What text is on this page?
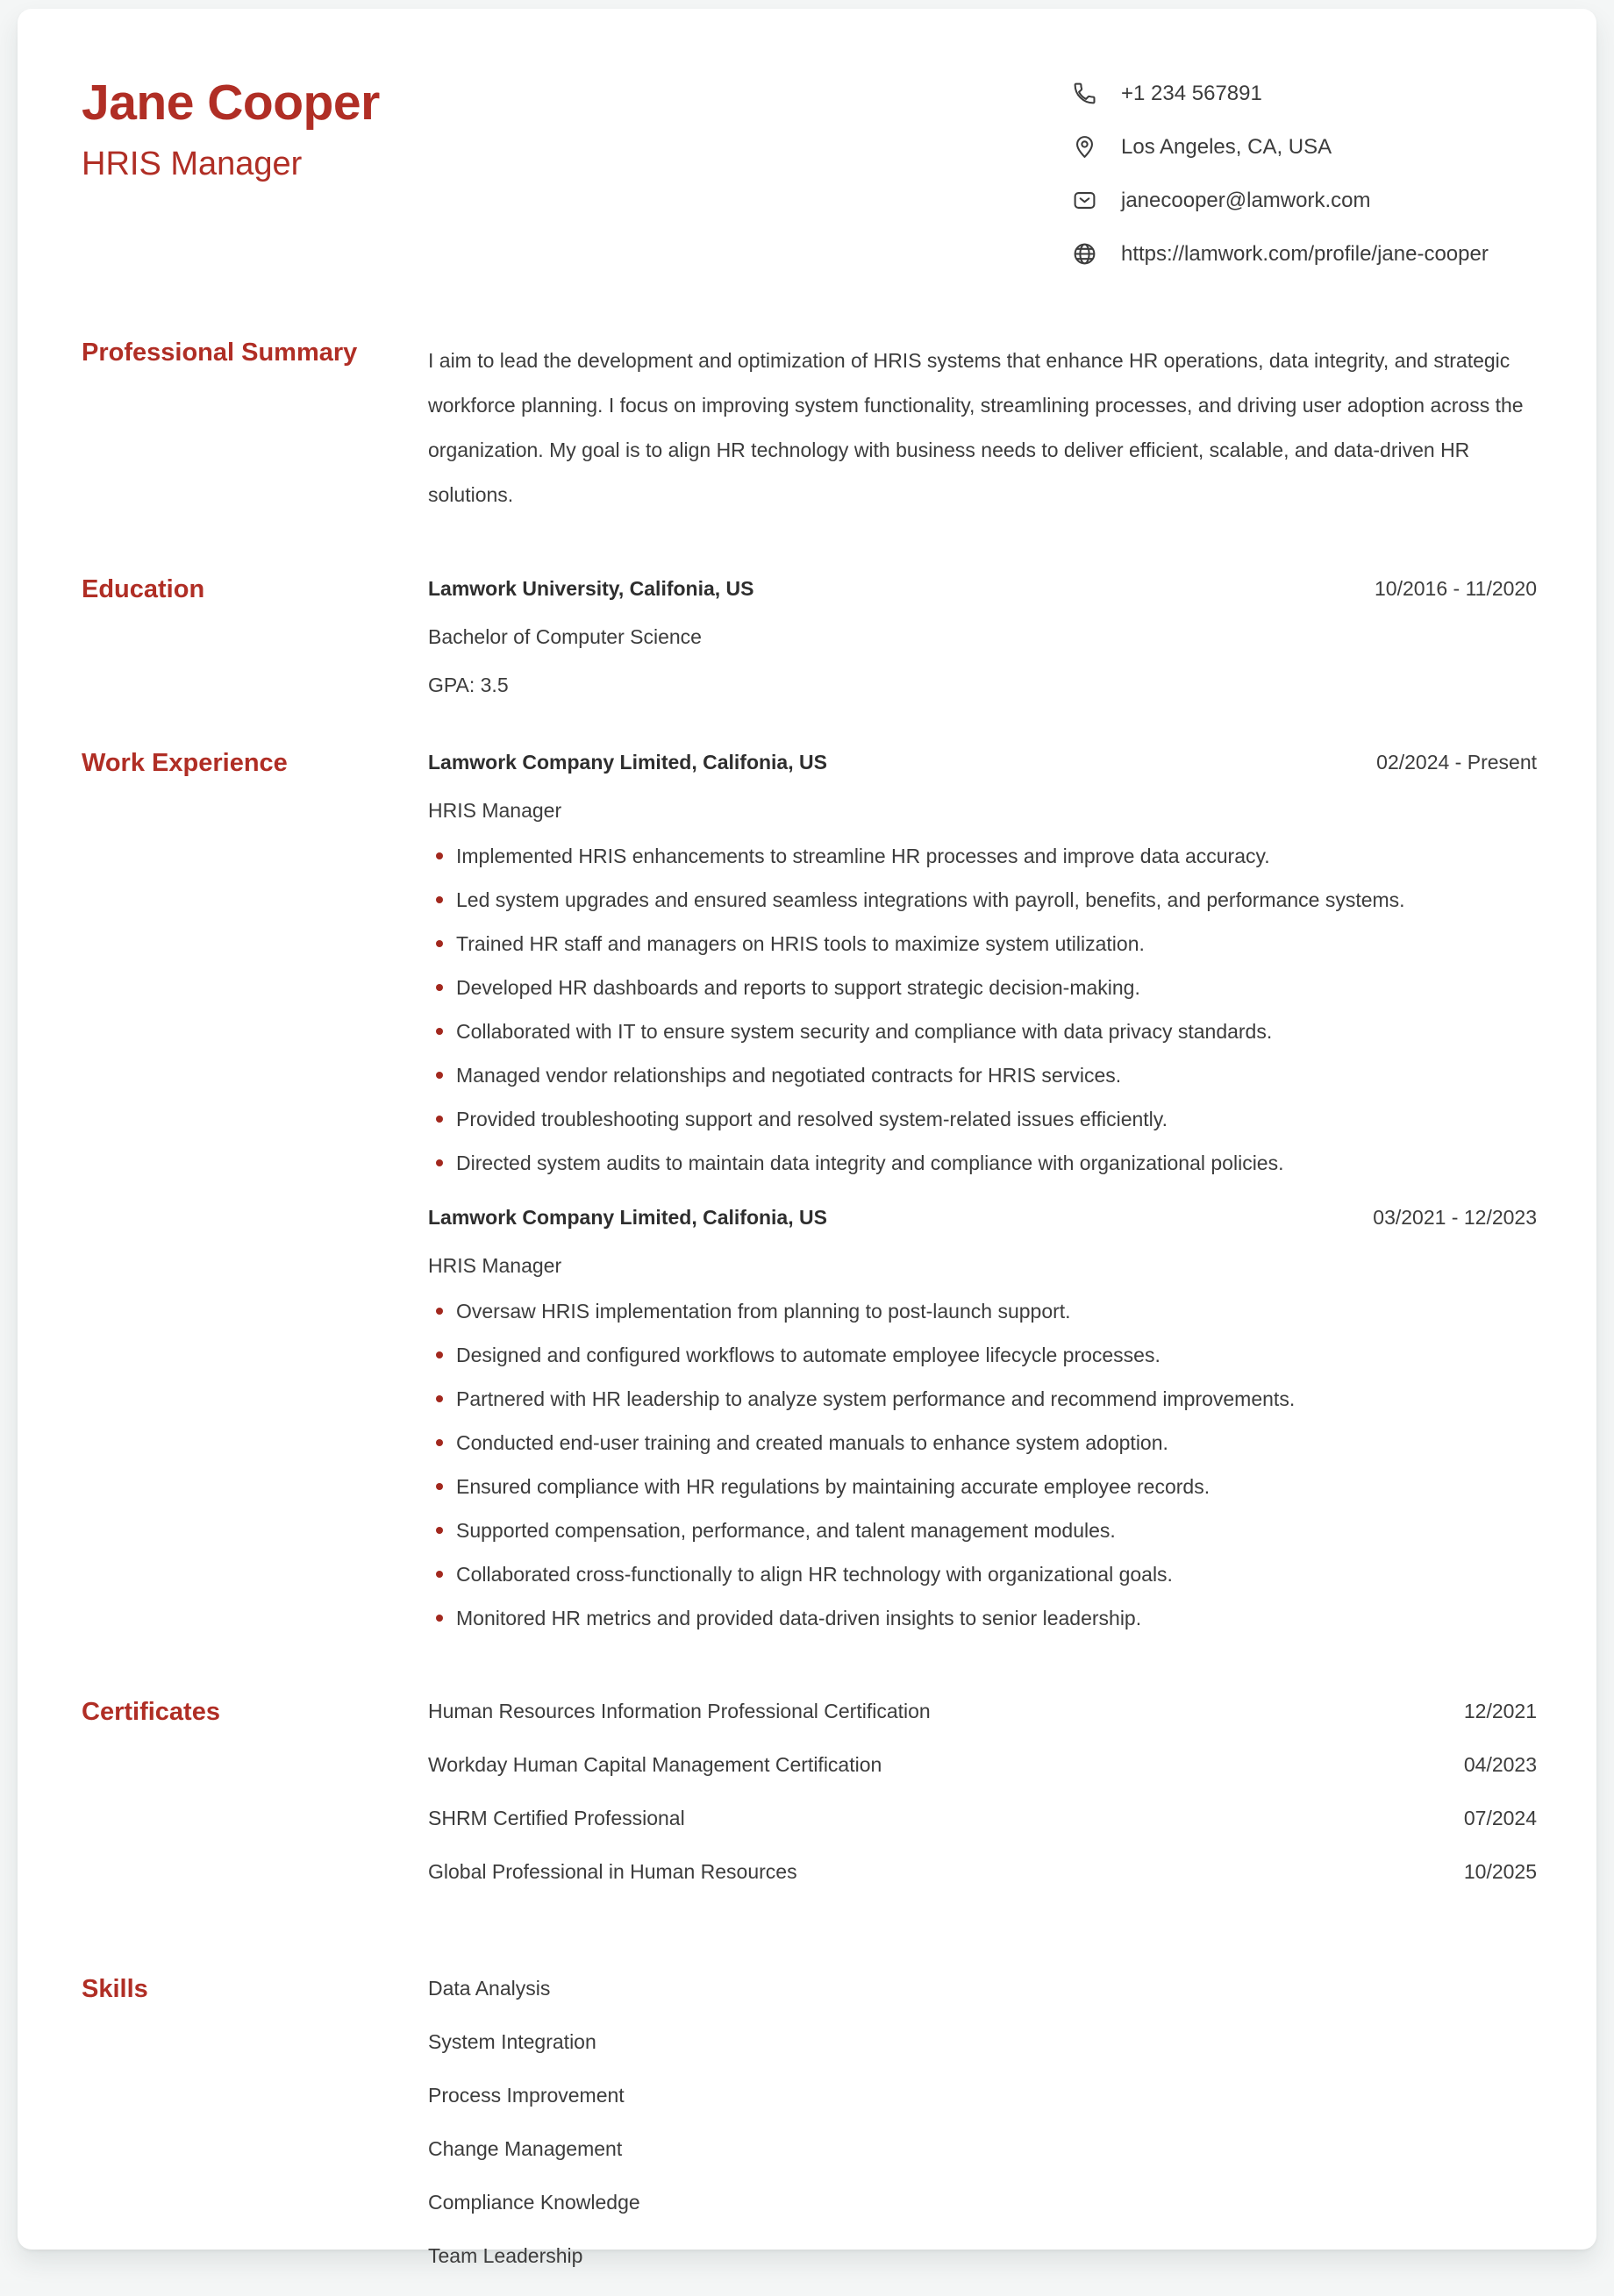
Jane Cooper
HRIS Manager
+1 234 567891
Los Angeles, CA, USA
janecooper@lamwork.com
https://lamwork.com/profile/jane-cooper
Professional Summary	I aim to lead the development and optimization of HRIS systems that enhance HR operations, data integrity, and strategic workforce planning. I focus on improving system functionality, streamlining processes, and driving user adoption across the organization. My goal is to align HR technology with business needs to deliver efficient, scalable, and data-driven HR solutions.

Education	Lamwork University, Califonia, US	10/2016 - 11/2020
Bachelor of Computer Science
GPA: 3.5
Work Experience	Lamwork Company Limited, Califonia, US	02/2024 - Present
HRIS Manager
Implemented HRIS enhancements to streamline HR processes and improve data accuracy.
Led system upgrades and ensured seamless integrations with payroll, benefits, and performance systems.
Trained HR staff and managers on HRIS tools to maximize system utilization.
Developed HR dashboards and reports to support strategic decision-making.
Collaborated with IT to ensure system security and compliance with data privacy standards.
Managed vendor relationships and negotiated contracts for HRIS services.
Provided troubleshooting support and resolved system-related issues efficiently.
Directed system audits to maintain data integrity and compliance with organizational policies.
Lamwork Company Limited, Califonia, US	03/2021 - 12/2023
HRIS Manager
Oversaw HRIS implementation from planning to post-launch support.
Designed and configured workflows to automate employee lifecycle processes.
Partnered with HR leadership to analyze system performance and recommend improvements.
Conducted end-user training and created manuals to enhance system adoption.
Ensured compliance with HR regulations by maintaining accurate employee records.
Supported compensation, performance, and talent management modules.
Collaborated cross-functionally to align HR technology with organizational goals.
Monitored HR metrics and provided data-driven insights to senior leadership.
Certificates	Human Resources Information Professional Certification	12/2021
Workday Human Capital Management Certification	04/2023
SHRM Certified Professional	07/2024
Global Professional in Human Resources	10/2025
Skills	Data Analysis
System Integration
Process Improvement
Change Management
Compliance Knowledge
Team Leadership
